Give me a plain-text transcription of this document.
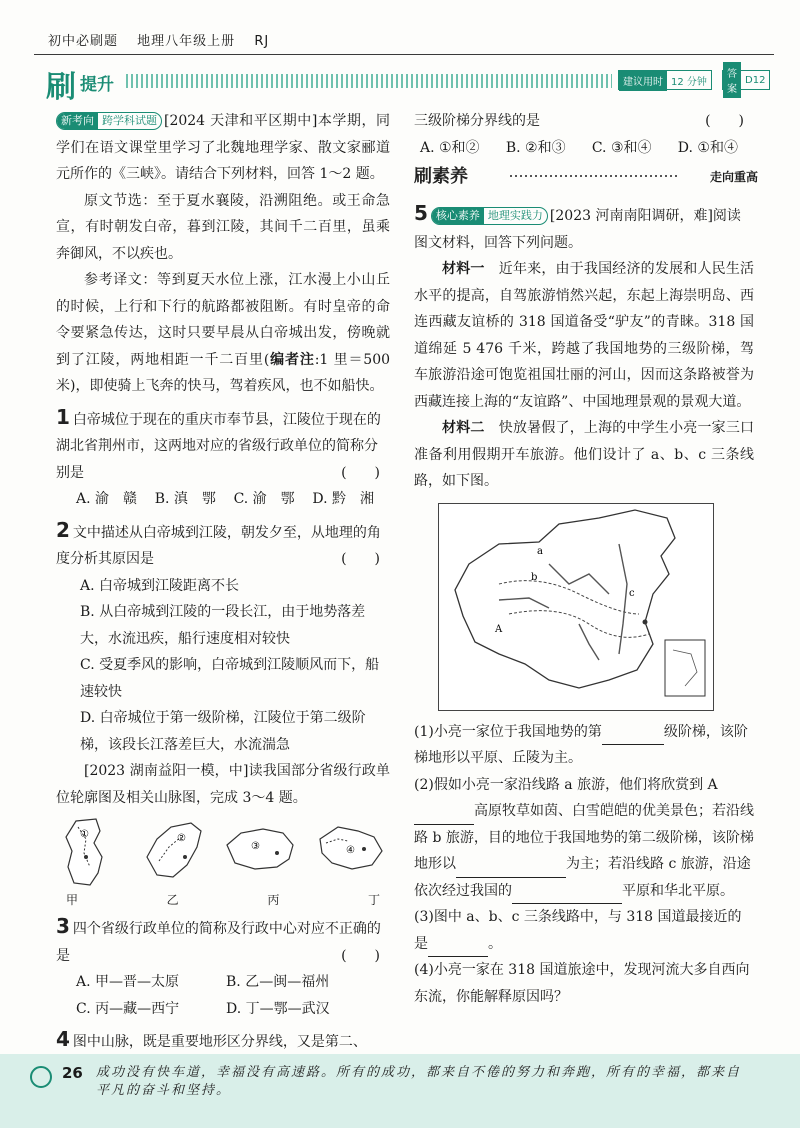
初中必刷题 地理八年级上册 RJ
刷 提升	建议用时 12 分钟
答案
D12
新考向 跨学科试题 [2024 天津和平区期中]本学期，同学们在语文课堂里学习了北魏地理学家、散文家郦道元所作的《三峡》。请结合下列材料，回答 1～2 题。
原文节选：至于夏水襄陵，沿溯阻绝。或王命急宣，有时朝发白帝，暮到江陵，其间千二百里，虽乘奔御风，不以疾也。
参考译文：等到夏天水位上涨，江水漫上小山丘的时候，上行和下行的航路都被阻断。有时皇帝的命令要紧急传达，这时只要早晨从白帝城出发，傍晚就到了江陵，两地相距一千二百里(编者注:1 里＝500 米)，即使骑上飞奔的快马，驾着疾风，也不如船快。
1 白帝城位于现在的重庆市奉节县，江陵位于现在的湖北省荆州市，这两地对应的省级行政单位的简称分别是	(　　)
A. 渝　赣 B. 滇　鄂 C. 渝　鄂 D. 黔　湘
2 文中描述从白帝城到江陵，朝发夕至，从地理的角度分析其原因是	(　　)
A. 白帝城到江陵距离不长
B. 从白帝城到江陵的一段长江，由于地势落差大，水流迅疾，船行速度相对较快
C. 受夏季风的影响，白帝城到江陵顺风而下，船速较快
D. 白帝城位于第一级阶梯，江陵位于第二级阶梯，该段长江落差巨大，水流湍急
[2023 湖南益阳一模，中]读我国部分省级行政单位轮廓图及相关山脉图，完成 3～4 题。
①	②
③	④
甲	乙	丙	丁
3 四个省级行政单位的简称及行政中心对应不正确的是	(　　)
A. 甲—晋—太原	B. 乙—闽—福州
C. 丙—藏—西宁	D. 丁—鄂—武汉
4 图中山脉，既是重要地形区分界线，又是第二、
三级阶梯分界线的是	(　　)
A. ①和② B. ②和③ C. ③和④ D. ①和④
刷素养	走向重高
5 核心素养 地理实践力 [2023 河南南阳调研，难]阅读图文材料，回答下列问题。
材料一　 近年来，由于我国经济的发展和人民生活水平的提高，自驾旅游悄然兴起，东起上海崇明岛、西连西藏友谊桥的 318 国道备受“驴友”的青睐。318 国道绵延 5 476 千米，跨越了我国地势的三级阶梯，驾车旅游沿途可饱览祖国壮丽的河山，因而这条路被誉为西藏连接上海的“友谊路”、中国地理景观的景观大道。
材料二　 快放暑假了，上海的中学生小亮一家三口准备利用假期开车旅游。他们设计了 a、b、c 三条线路，如下图。
a
b
c
A
(1)小亮一家位于我国地势的第	级阶梯，该阶梯地形以平原、丘陵为主。
(2)假如小亮一家沿线路 a 旅游，他们将欣赏到 A高原牧草如茵、白雪皑皑的优美景色；若沿线路 b 旅游，目的地位于我国地势的第二级阶梯，该阶梯地形以	为主；若沿线路 c 旅游，沿途依次经过我国的	平原和华北平原。
(3)图中 a、b、c 三条线路中，与 318 国道最接近的是	。
(4)小亮一家在 318 国道旅途中，发现河流大多自西向东流，你能解释原因吗？
26 成功没有快车道，幸福没有高速路。所有的成功，都来自不倦的努力和奔跑，所有的幸福，都来自平凡的奋斗和坚持。
